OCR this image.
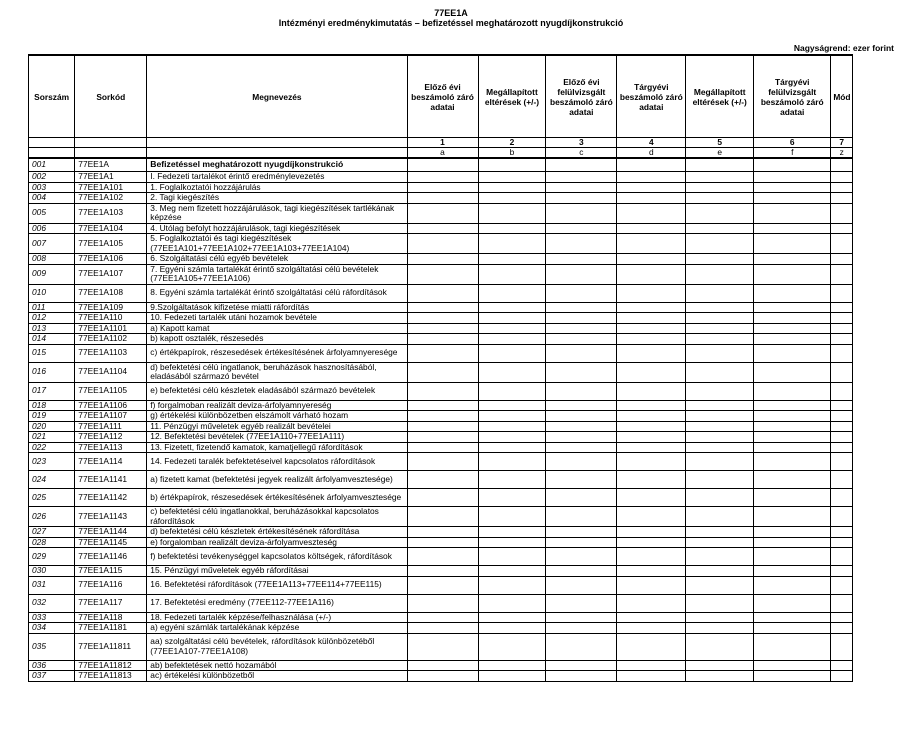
77EE1A
Intézményi eredménykimutatás – befizetéssel meghatározott nyugdíjkonstrukció
Nagyságrend: ezer forint
Sorszám	Sorkód	Megnevezés	Előző évi beszámoló záró adatai	Megállapított eltérések (+/-)	Előző évi felülvizsgált beszámoló záró adatai	Tárgyévi beszámoló záró adatai	Megállapított eltérések (+/-)	Tárgyévi felülvizsgált beszámoló záró adatai	Mód
			1	2	3	4	5	6	7
			a	b	c	d	e	f	z
001	77EE1A	Befizetéssel meghatározott nyugdíjkonstrukció							
002	77EE1A1	I. Fedezeti tartalékot érintő eredménylevezetés							
003	77EE1A101	1. Foglalkoztatói hozzájárulás							
004	77EE1A102	2. Tagi kiegészítés							
005	77EE1A103	3. Meg nem fizetett hozzájárulások, tagi kiegészítések tartlékának képzése							
006	77EE1A104	4. Utólag befolyt hozzájárulások, tagi kiegészítések							
007	77EE1A105	5. Foglalkoztatói és tagi kiegészítések (77EE1A101+77EE1A102+77EE1A103+77EE1A104)							
008	77EE1A106	6. Szolgáltatási célú egyéb bevételek							
009	77EE1A107	7. Egyéni számla tartalékát érintő szolgáltatási célú bevételek (77EE1A105+77EE1A106)							
010	77EE1A108	8. Egyéni számla tartalékát érintő szolgáltatási célú ráfordítások							
011	77EE1A109	9.Szolgáltatások kifizetése miatti ráfordítás							
012	77EE1A110	10. Fedezeti tartalék utáni hozamok bevétele							
013	77EE1A1101	a) Kapott kamat							
014	77EE1A1102	b) kapott osztalék, részesedés							
015	77EE1A1103	c) értékpapírok, részesedések értékesítésének árfolyamnyeresége							
016	77EE1A1104	d) befektetési célú ingatlanok, beruházások hasznosításából, eladásából származó bevétel							
017	77EE1A1105	e) befektetési célú készletek eladásából származó bevételek							
018	77EE1A1106	f) forgalmoban realizált deviza-árfolyamnyereség							
019	77EE1A1107	g) értékelési különbözetben elszámolt várható hozam							
020	77EE1A111	11. Pénzügyi műveletek egyéb realizált bevételei							
021	77EE1A112	12. Befektetési bevételek (77EE1A110+77EE1A111)							
022	77EE1A113	13. Fizetett, fizetendő kamatok, kamatjellegű ráfordítások							
023	77EE1A114	14. Fedezeti taralék befektetéseivel kapcsolatos ráfordítások							
024	77EE1A1141	a) fizetett kamat (befektetési jegyek realizált árfolyamveszteségе)							
025	77EE1A1142	b) értékpapírok, részesedések értékesítésének árfolyamvesztesége							
026	77EE1A1143	c) befektetési célú ingatlanokkal, beruházásokkal kapcsolatos ráfordítások							
027	77EE1A1144	d) befektetési célú készletek értékesítésének ráfordítása							
028	77EE1A1145	e) forgalomban realizált deviza-árfolyamveszteség							
029	77EE1A1146	f) befektetési tevékenységgel kapcsolatos költségek, ráfordítások							
030	77EE1A115	15. Pénzügyi műveletek egyéb ráfordításai							
031	77EE1A116	16. Befektetési ráfordítások (77EE1A113+77EE114+77EE115)							
032	77EE1A117	17. Befektetési eredmény (77EE112-77EE1A116)							
033	77EE1A118	18. Fedezeti tartalék képzése/felhasználása (+/-)							
034	77EE1A1181	a) egyéni számlák tartalékának képzése							
035	77EE1A11811	aa) szolgáltatási célú bevételek, ráfordítások különbözetéből (77EE1A107-77EE1A108)							
036	77EE1A11812	ab) befektetések nettó hozamából							
037	77EE1A11813	ac) értékelési különbözetből							
